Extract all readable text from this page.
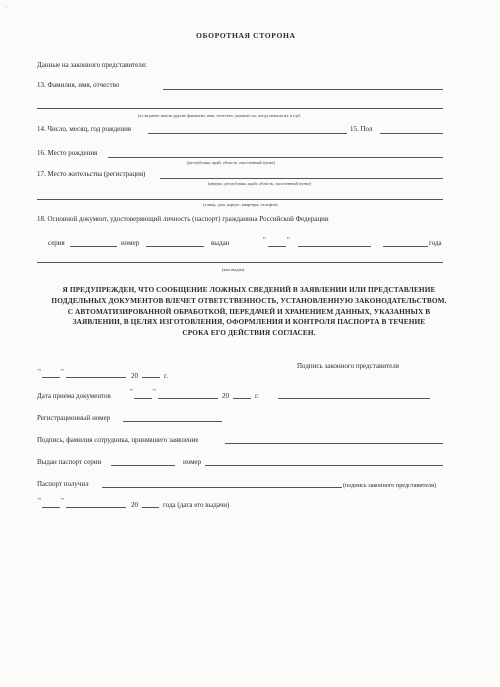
ʹ
ОБОРОТНАЯ СТОРОНА
Данные на законного представителя:
13. Фамилия, имя, отчество
(если ранее имели другие фамилию, имя, отчество, укажите их, когда меняли их и где)
14. Число, месяц, год рождения	15. Пол
16. Место рождения
(республика, край, область, населенный пункт)
17. Место жительства (регистрация)
(индекс, республика, край, область, населенный пункт)
(улица, дом, корпус, квартира, телефон)
18. Основной документ, удостоверяющий личность (паспорт) гражданина Российской Федерации
серия	номер	выдан	"	"	года
(кем выдан)
Я ПРЕДУПРЕЖДЕН, ЧТО СООБЩЕНИЕ ЛОЖНЫХ СВЕДЕНИЙ В ЗАЯВЛЕНИИ ИЛИ ПРЕДСТАВЛЕНИЕ
ПОДДЕЛЬНЫХ ДОКУМЕНТОВ ВЛЕЧЕТ ОТВЕТСТВЕННОСТЬ, УСТАНОВЛЕННУЮ ЗАКОНОДАТЕЛЬСТВОМ.
С АВТОМАТИЗИРОВАННОЙ ОБРАБОТКОЙ, ПЕРЕДАЧЕЙ И ХРАНЕНИЕМ ДАННЫХ, УКАЗАННЫХ В
ЗАЯВЛЕНИИ, В ЦЕЛЯХ ИЗГОТОВЛЕНИЯ, ОФОРМЛЕНИЯ И КОНТРОЛЯ ПАСПОРТА В ТЕЧЕНИЕ
СРОКА ЕГО ДЕЙСТВИЯ СОГЛАСЕН.
Подпись законного представителя
"	"	20	г.
Дата приема документов	"	"	20	г.
Регистрационный номер
Подпись, фамилия сотрудника, принявшего заявление
Выдан паспорт серии	номер
Паспорт получил	(подпись законного представителя)
"	"	20	года (дата его выдачи)
